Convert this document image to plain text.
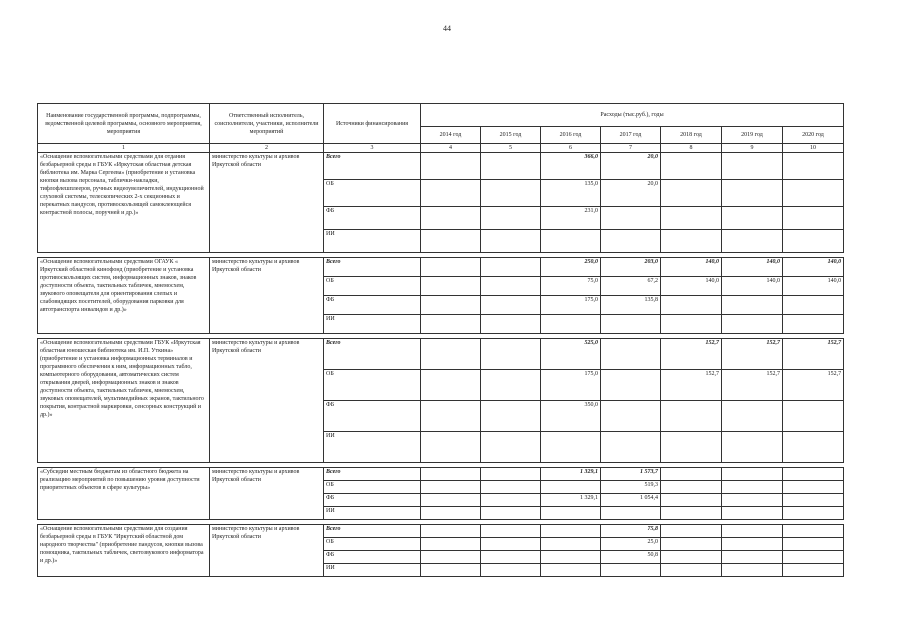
44
Наименование государственной программы, подпрограммы, ведомственной целевой программы, основного мероприятия, мероприятия	Ответственный исполнитель, соисполнители, участники, исполнители мероприятий	Источники финансирования	Расходы (тыс.руб.), годы						
			2014 год	2015 год	2016 год	2017 год	2018 год	2019 год	2020 год
1	2	3	4	5	6	7	8	9	10
«Оснащение вспомогательными средствами для отдания безбарьерной среды в ГБУК «Иркутская областная детская библиотека им. Марка Сергеева» (приобретение и установка кнопки вызова персонала, таблички-накладки, тифлофлешплееров, ручных видеоувеличителей, индукционной слуховой системы, телескопических 2-х секционных и перекатных пандусов, противоскользящей самоклеющейся контрастной полосы, поручней и др.)»	министерство культуры и архивов Иркутской области	Всего			366,0	20,0			
		ОБ			135,0	20,0			
		ФБ			231,0				
		ИИ							

«Оснащение вспомогательными средствами ОГАУК « Иркутский областной кинофонд (приобретение и установка противоскользящих систем, информационных знаков, знаков доступности объекта, тактильных табличек, мнемосхем, звукового оповещателя для ориентирования слепых и слабовидящих посетителей, оборудования парковки для автотранспорта инвалидов и др.)»	министерство культуры и архивов Иркутской области	Всего			250,0	203,0	140,0	140,0	140,0
		ОБ			75,0	67,2	140,0	140,0	140,0
		ФБ			175,0	135,8			
		ИИ							

«Оснащение вспомогательными средствами ГБУК «Иркутская областная юношеская библиотека им. И.П. Уткина» (приобретение и установка информационных терминалов и программного обеспечения к ним, информационных табло, компьютерного оборудования, автоматических систем открывания дверей, информационных знаков и знаков доступности объекта, тактильных табличек, мнемосхем, звуковых оповещателей, мультимедийных экранов, тактильного покрытия, контрастной маркировки, сенсорных конструкций и др.)»	министерство культуры и архивов Иркутской области	Всего			525,0		152,7	152,7	152,7
		ОБ			175,0		152,7	152,7	152,7
		ФБ			350,0				
		ИИ							

«Субсидии местным бюджетам из областного бюджета на реализацию мероприятий по повышению уровня доступности приоритетных объектов в сфере культуры»	министерство культуры и архивов Иркутской области	Всего			1 329,1	1 573,7			
		ОБ				519,3			
		ФБ			1 329,1	1 054,4			
		ИИ							

«Оснащение вспомогательными средствами для создания безбарьерной среды в ГБУК "Иркутский областной дом народного творчества" (приобретение пандусов, кнопки вызова помощника, тактильных табличек, светозвукового информатора и др.)»	министерство культуры и архивов Иркутской области	Всего				75,8			
		ОБ				25,0			
		ФБ				50,8			
		ИИ							
